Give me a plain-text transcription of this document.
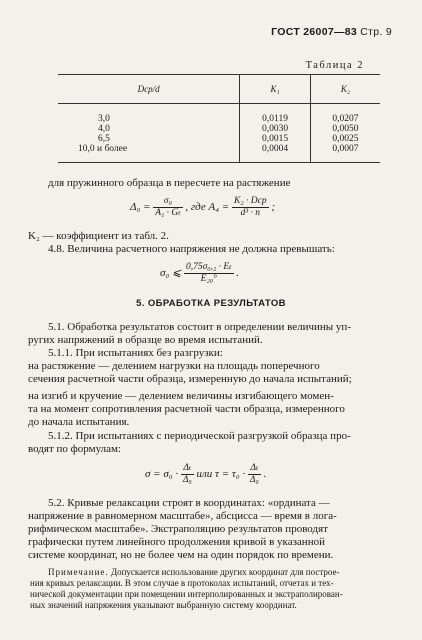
ГОСТ 26007—83 Стр. 9
Таблица 2
Dср/d	K₁	K₂
3,0	0,0119	0,0207
4,0	0,0030	0,0050
6,5	0,0015	0,0025
10,0 и более	0,0004	0,0007
для пружинного образца в пересчете на растяжение
$\Delta_0 = \frac{\text{σ₀}}{\text{A₁ · Gₜ}}$ , где $A_4 = \frac{\text{K₂ · Dср}}{\text{d³ · n}}$ ;
K₂ — коэффициент из табл. 2.
4.8. Величина расчетного напряжения не должна превышать:
σ₀ ⩽ $\frac{\text{0,75σ₀,₂ · Eₜ}}{\text{E₂₀°}}$ .
5. ОБРАБОТКА РЕЗУЛЬТАТОВ
5.1. Обработка результатов состоит в определении величины уп-
ругих напряжений в образце во время испытаний.
5.1.1. При испытаниях без разгрузки:
на растяжение — делением нагрузки на площадь поперечного
сечения расчетной части образца, измеренную до начала испытаний;
на изгиб и кручение — делением величины изгибающего момен-
та на момент сопротивления расчетной части образца, измеренного
до начала испытания.
5.1.2. При испытаниях с периодической разгрузкой образца про-
водят по формулам:
$\sigma = \sigma_0 \cdot \frac{\text{Δₜ}}{\text{Δ₀}}$ или $\tau = \tau_0 \cdot \frac{\text{Δₜ}}{\text{Δ₀}}$ .
5.2. Кривые релаксации строят в координатах: «ордината —
напряжение в равномерном масштабе», абсцисса — время в лога-
рифмическом масштабе». Экстраполяцию результатов проводят
графически путем линейного продолжения кривой в указанной
системе координат, но не более чем на один порядок по времени.
Примечание. Допускается использование других координат для построе-
ния кривых релаксации. В этом случае в протоколах испытаний, отчетах и тех-
нической документации при помещении интерполированных и экстраполирован-
ных значений напряжения указывают выбранную систему координат.
